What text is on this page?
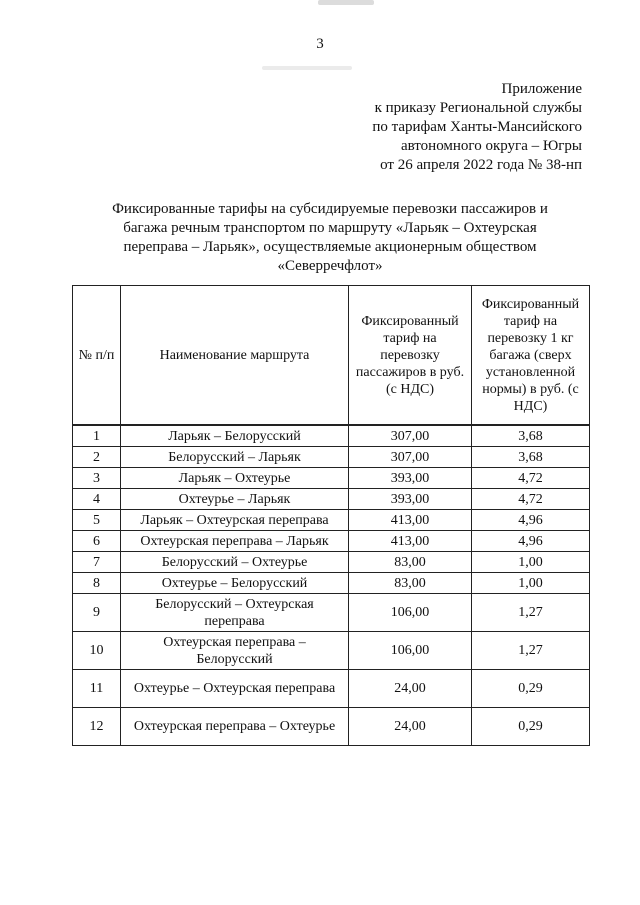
3
Приложение
к приказу Региональной службы
по тарифам Ханты-Мансийского
автономного округа – Югры
от 26 апреля 2022 года № 38-нп
Фиксированные тарифы на субсидируемые перевозки пассажиров и багажа речным транспортом по маршруту «Ларьяк – Охтеурская переправа – Ларьяк», осуществляемые акционерным обществом «Северречфлот»
№ п/п	Наименование маршрута	Фиксированный тариф на перевозку пассажиров в руб. (с НДС)	Фиксированный тариф на перевозку 1 кг багажа (сверх установленной нормы) в руб. (с НДС)
1	Ларьяк – Белорусский	307,00	3,68
2	Белорусский – Ларьяк	307,00	3,68
3	Ларьяк – Охтеурье	393,00	4,72
4	Охтеурье – Ларьяк	393,00	4,72
5	Ларьяк – Охтеурская переправа	413,00	4,96
6	Охтеурская переправа – Ларьяк	413,00	4,96
7	Белорусский – Охтеурье	83,00	1,00
8	Охтеурье – Белорусский	83,00	1,00
9	Белорусский – Охтеурская переправа	106,00	1,27
10	Охтеурская переправа – Белорусский	106,00	1,27
11	Охтеурье – Охтеурская переправа	24,00	0,29
12	Охтеурская переправа – Охтеурье	24,00	0,29
